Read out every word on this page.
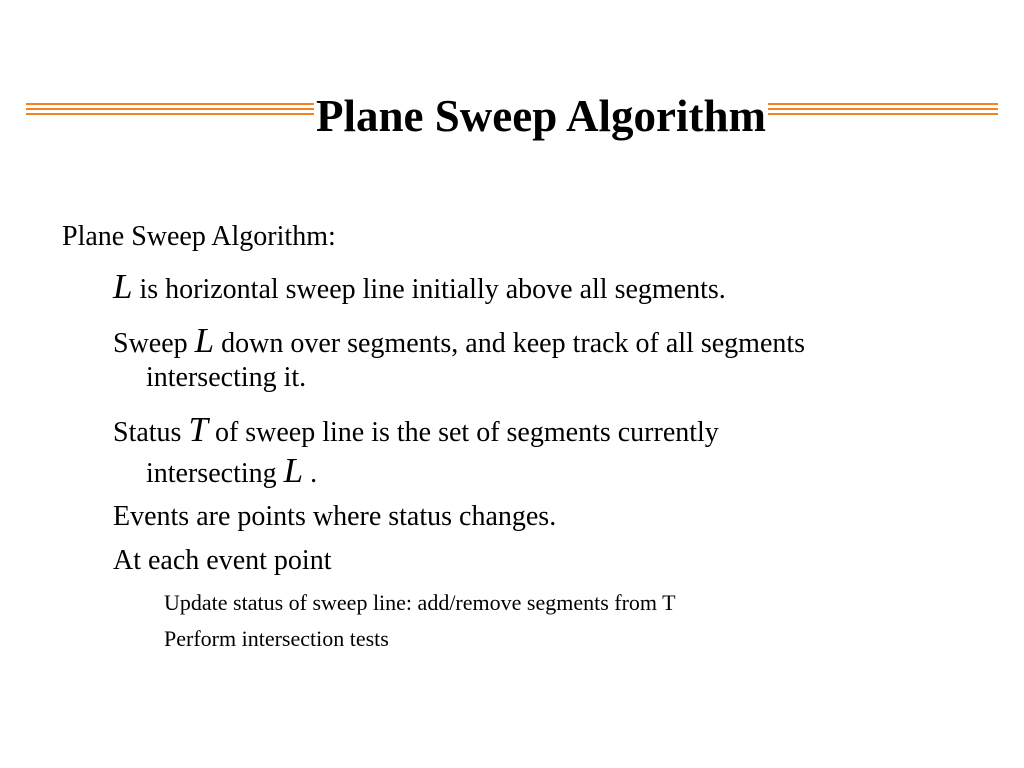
Plane Sweep Algorithm
Plane Sweep Algorithm:
L is horizontal sweep line initially above all segments.
Sweep L down over segments, and keep track of all segments
intersecting it.
Status T of sweep line is the set of segments currently
intersecting L .
Events are points where status changes.
At each event point
Update status of sweep line: add/remove segments from T
Perform intersection tests
